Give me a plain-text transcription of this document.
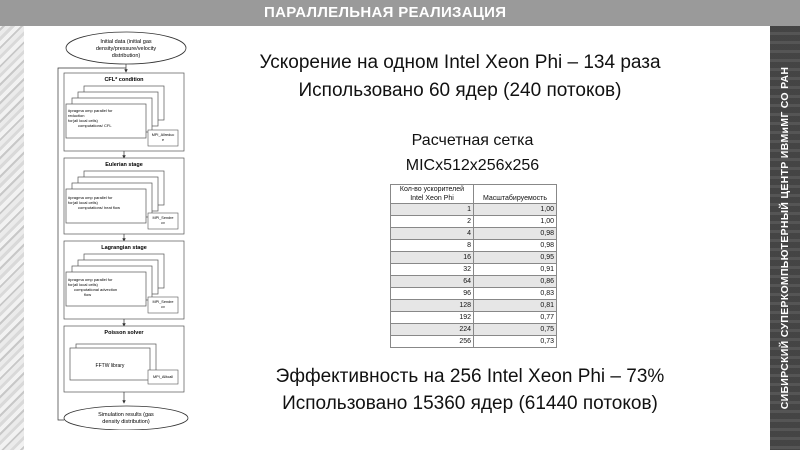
ПАРАЛЛЕЛЬНАЯ РЕАЛИЗАЦИЯ
СИБИРСКИЙ СУПЕРКОМПЬЮТЕРНЫЙ ЦЕНТР ИВМиМГ СО РАН
Initial data (initial gas
density/pressure/velocity
distribution)
CFL* condition
#pragma omp parallel for
reduction
for(all local cells)
computations/ CFL
MPI_Allreduc
e
Eulerian stage
#pragma omp parallel for
for(all local cells)
computations/ heat flow
MPI_Sendre
cv
Lagrangian stage
#pragma omp parallel for
for(all local cells)
computational advection
flow
MPI_Sendre
cv
Poisson solver
FFTW library
MPI_Alltoall
Simulation results (gas
density distribution)
Ускорение на одном Intel Xeon Phi – 134 раза
Использовано 60 ядер (240 потоков)
Расчетная сетка
MICx512x256x256
Кол-во ускорителей
Intel Xeon Phi	Масштабируемость
1	1,00
2	1,00
4	0,98
8	0,98
16	0,95
32	0,91
64	0,86
96	0,83
128	0,81
192	0,77
224	0,75
256	0,73
Эффективность на 256 Intel Xeon Phi – 73%
Использовано 15360 ядер (61440 потоков)
